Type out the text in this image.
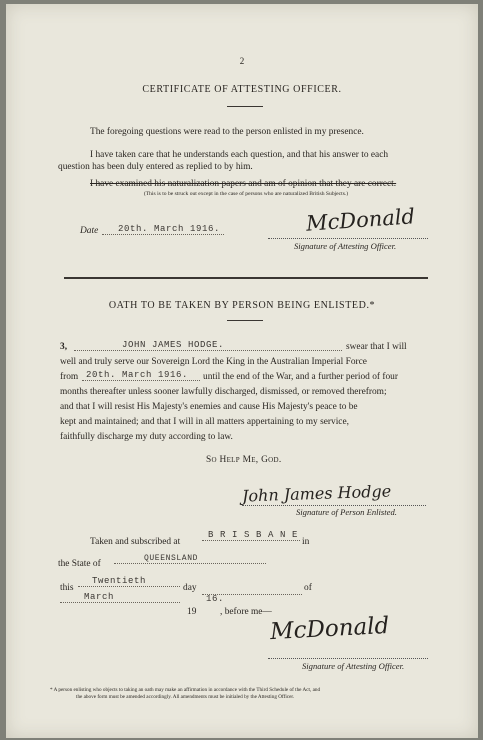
2
CERTIFICATE OF ATTESTING OFFICER.
The foregoing questions were read to the person enlisted in my presence.
I have taken care that he understands each question, and that his answer to each
question has been duly entered as replied to by him.
I have examined his naturalization papers and am of opinion that they are correct.
(This is to be struck out except in the case of persons who are naturalized British Subjects.)
Date	20th. March 1916.	McDonald
Signature of Attesting Officer.
OATH TO BE TAKEN BY PERSON BEING ENLISTED.*
3,	JOHN JAMES HODGE.	swear that I will
well and truly serve our Sovereign Lord the King in the Australian Imperial Force
from 20th. March 1916.	until the end of the War, and a further period of four
months thereafter unless sooner lawfully discharged, dismissed, or removed therefrom;
and that I will resist His Majesty's enemies and cause His Majesty's peace to be
kept and maintained; and that I will in all matters appertaining to my service,
faithfully discharge my duty according to law.
So Help Me, God.
John James Hodge
Signature of Person Enlisted.
Taken and subscribed at
B R I S B A N E
in
the State of
QUEENSLAND
this
Twentieth
day	of
March
19
16.
, before me—
McDonald
Signature of Attesting Officer.
* A person enlisting who objects to taking an oath may make an affirmation in accordance with the Third Schedule of the Act, and
the above form must be amended accordingly. All amendments must be initialed by the Attesting Officer.
